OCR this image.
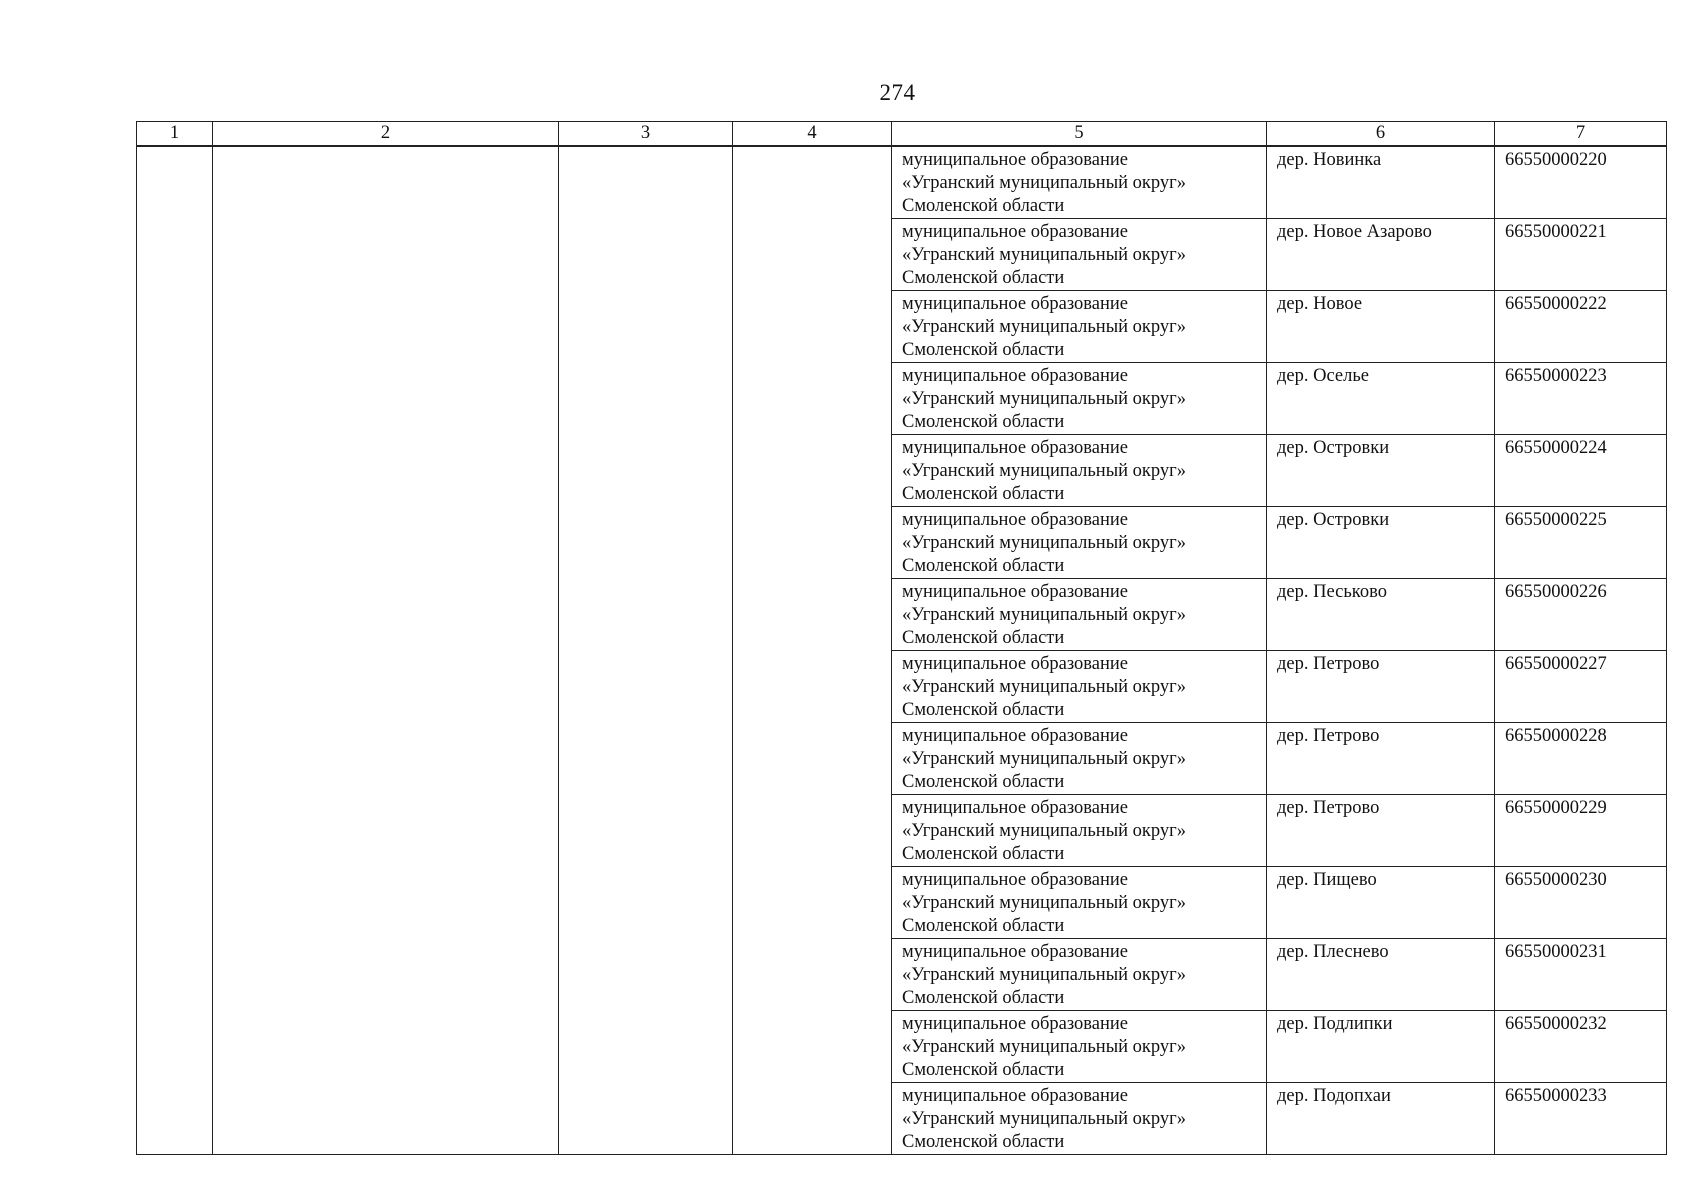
274
1	2	3	4	5	6	7

				муниципальное образование
«Угранский муниципальный округ»
Смоленской области	дер. Новинка	66550000220

				муниципальное образование
«Угранский муниципальный округ»
Смоленской области	дер. Новое Азарово	66550000221

				муниципальное образование
«Угранский муниципальный округ»
Смоленской области	дер. Новое	66550000222

				муниципальное образование
«Угранский муниципальный округ»
Смоленской области	дер. Оселье	66550000223

				муниципальное образование
«Угранский муниципальный округ»
Смоленской области	дер. Островки	66550000224

				муниципальное образование
«Угранский муниципальный округ»
Смоленской области	дер. Островки	66550000225

				муниципальное образование
«Угранский муниципальный округ»
Смоленской области	дер. Песьково	66550000226

				муниципальное образование
«Угранский муниципальный округ»
Смоленской области	дер. Петрово	66550000227

				муниципальное образование
«Угранский муниципальный округ»
Смоленской области	дер. Петрово	66550000228

				муниципальное образование
«Угранский муниципальный округ»
Смоленской области	дер. Петрово	66550000229

				муниципальное образование
«Угранский муниципальный округ»
Смоленской области	дер. Пищево	66550000230

				муниципальное образование
«Угранский муниципальный округ»
Смоленской области	дер. Плеснево	66550000231

				муниципальное образование
«Угранский муниципальный округ»
Смоленской области	дер. Подлипки	66550000232

				муниципальное образование
«Угранский муниципальный округ»
Смоленской области	дер. Подопхаи	66550000233
